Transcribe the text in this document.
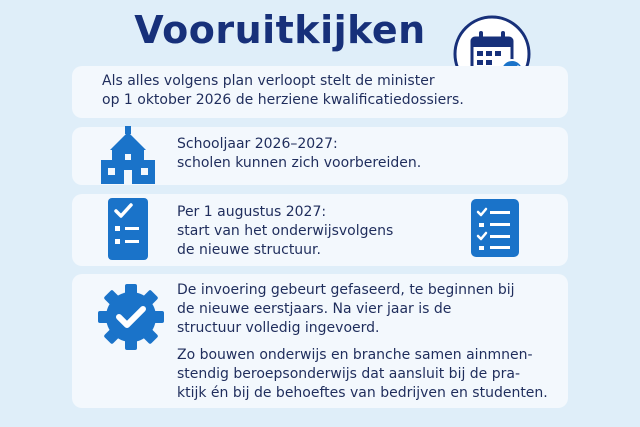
Vooruitkijken
Als alles volgens plan verloopt stelt de minister
op 1 oktober 2026 de herziene kwalificatiedossiers.
Schooljaar 2026–2027:
scholen kunnen zich voorbereiden.
Per 1 augustus 2027:
start van het onderwijsvolgens
de nieuwe structuur.
De invoering gebeurt gefaseerd, te beginnen bij
de nieuwe eerstjaars. Na vier jaar is de
structuur volledig ingevoerd.
Zo bouwen onderwijs en branche samen ainmnen-
stendig beroepsonderwijs dat aansluit bij de pra-
ktijk én bij de behoeftes van bedrijven en studenten.
